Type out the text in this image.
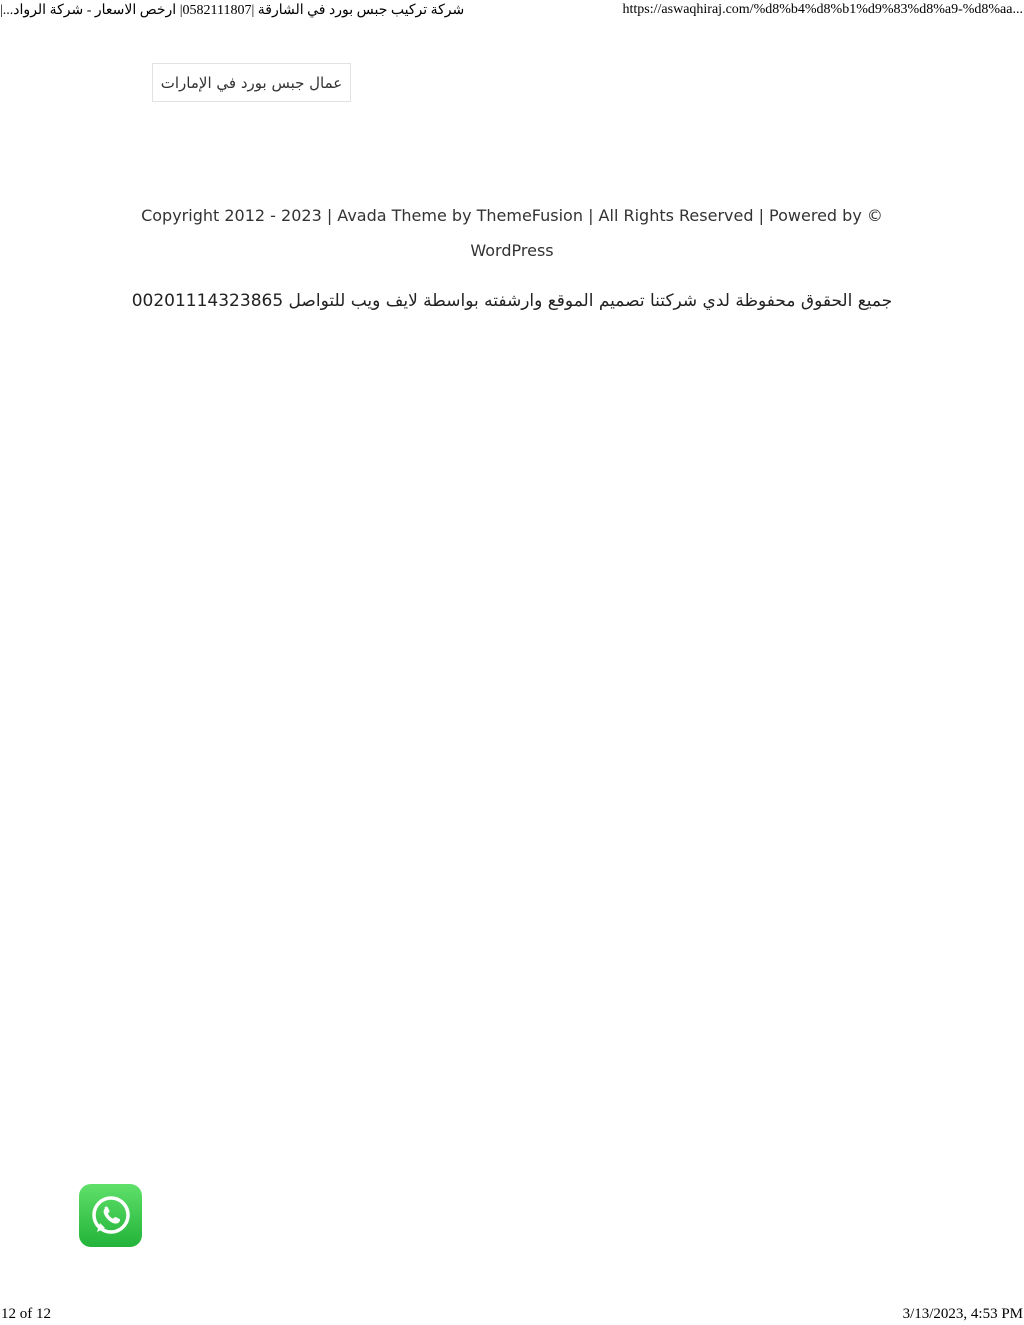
شركة تركيب جبس بورد في الشارقة |0582111807| ارخص الاسعار - شركة الرواد...|	https://aswaqhiraj.com/%d8%b4%d8%b1%d9%83%d8%a9-%d8%aa...
عمال جبس بورد في الإمارات
Copyright 2012 - 2023 | Avada Theme by ThemeFusion | All Rights Reserved | Powered by ©
WordPress
جميع الحقوق محفوظة لدي شركتنا تصميم الموقع وارشفته بواسطة لايف ويب للتواصل 00201114323865
12 of 12	3/13/2023, 4:53 PM
